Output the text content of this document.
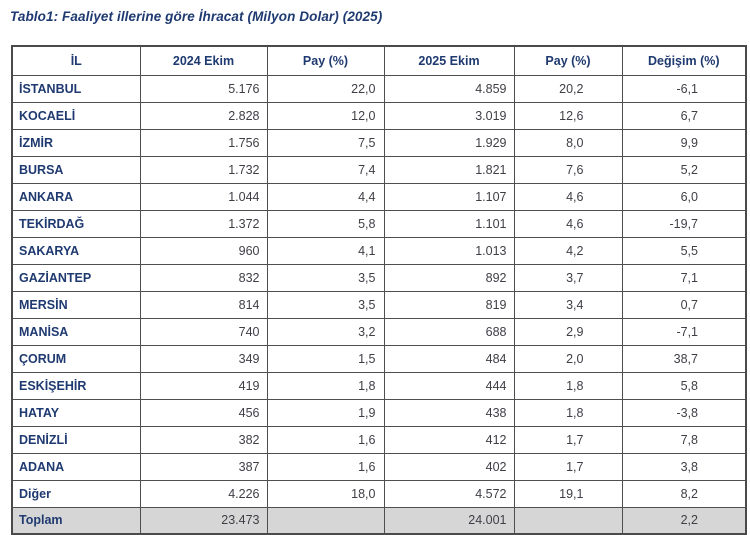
Tablo1: Faaliyet illerine göre İhracat (Milyon Dolar) (2025)
İL	2024 Ekim	Pay (%)	2025 Ekim	Pay (%)	Değişim (%)
İSTANBUL	5.176	22,0	4.859	20,2	-6,1
KOCAELİ	2.828	12,0	3.019	12,6	6,7
İZMİR	1.756	7,5	1.929	8,0	9,9
BURSA	1.732	7,4	1.821	7,6	5,2
ANKARA	1.044	4,4	1.107	4,6	6,0
TEKİRDAĞ	1.372	5,8	1.101	4,6	-19,7
SAKARYA	960	4,1	1.013	4,2	5,5
GAZİANTEP	832	3,5	892	3,7	7,1
MERSİN	814	3,5	819	3,4	0,7
MANİSA	740	3,2	688	2,9	-7,1
ÇORUM	349	1,5	484	2,0	38,7
ESKİŞEHİR	419	1,8	444	1,8	5,8
HATAY	456	1,9	438	1,8	-3,8
DENİZLİ	382	1,6	412	1,7	7,8
ADANA	387	1,6	402	1,7	3,8
Diğer	4.226	18,0	4.572	19,1	8,2
Toplam	23.473		24.001		2,2
